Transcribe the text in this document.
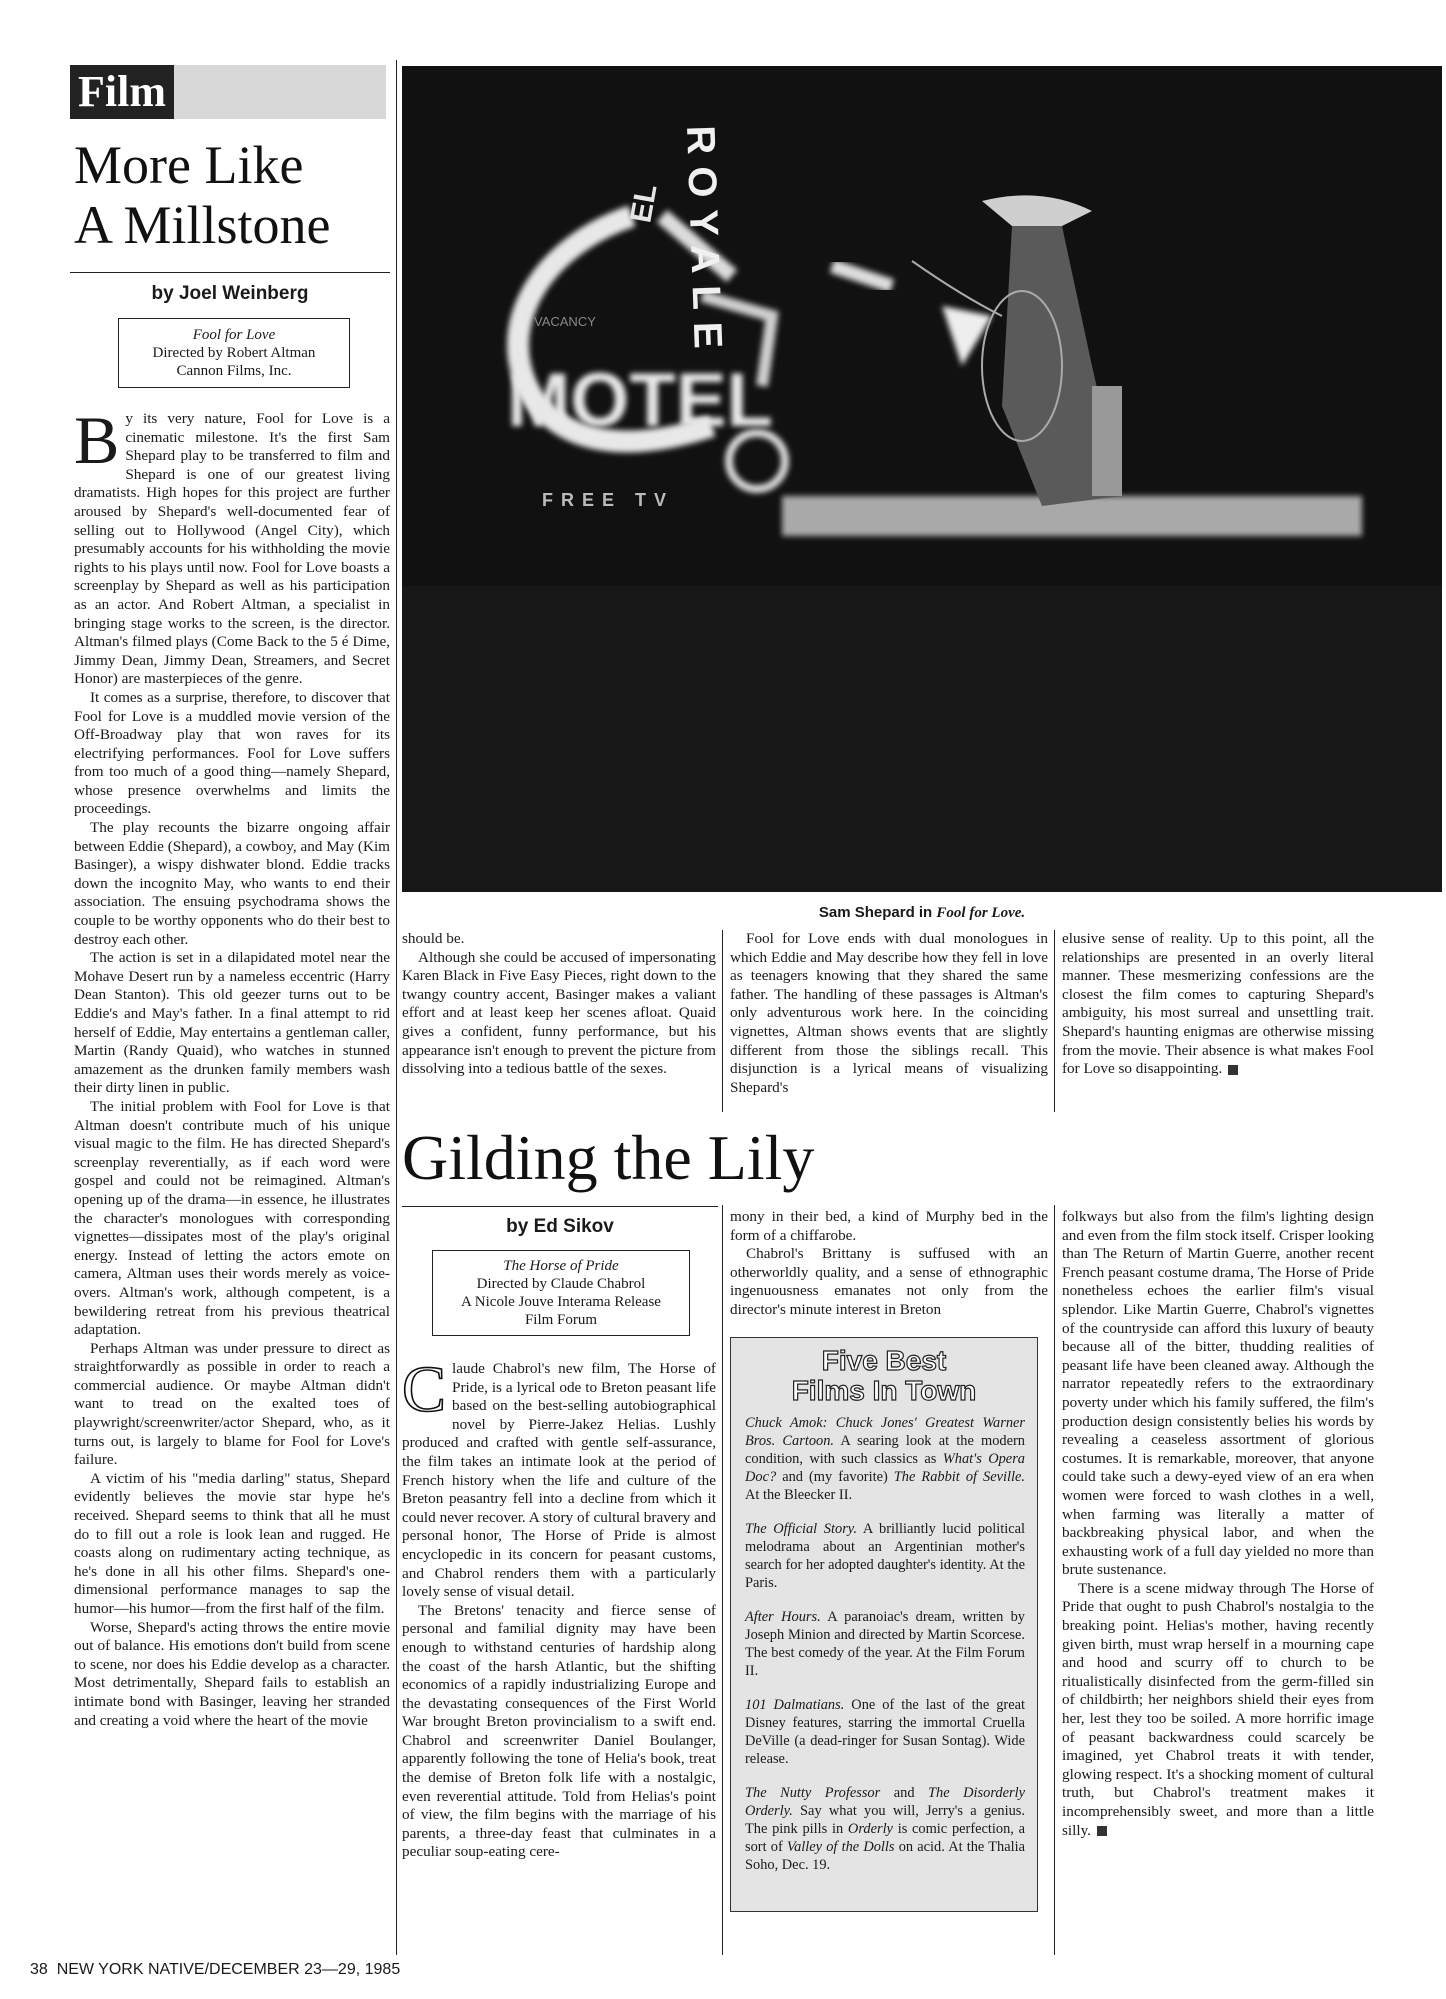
Film
More Like
A Millstone
by Joel Weinberg
Fool for Love
Directed by Robert Altman
Cannon Films, Inc.

By its very nature, Fool for Love is a cinematic milestone. It's the first Sam Shepard play to be transferred to film and Shepard is one of our greatest living dramatists. High hopes for this project are further aroused by Shepard's well-documented fear of selling out to Hollywood (Angel City), which presumably accounts for his withholding the movie rights to his plays until now. Fool for Love boasts a screenplay by Shepard as well as his participation as an actor. And Robert Altman, a specialist in bringing stage works to the screen, is the director. Altman's filmed plays (Come Back to the 5 é Dime, Jimmy Dean, Jimmy Dean, Streamers, and Secret Honor) are masterpieces of the genre.

It comes as a surprise, therefore, to discover that Fool for Love is a muddled movie version of the Off-Broadway play that won raves for its electrifying performances. Fool for Love suffers from too much of a good thing—namely Shepard, whose presence overwhelms and limits the proceedings.

The play recounts the bizarre ongoing affair between Eddie (Shepard), a cowboy, and May (Kim Basinger), a wispy dishwater blond. Eddie tracks down the incognito May, who wants to end their association. The ensuing psychodrama shows the couple to be worthy opponents who do their best to destroy each other.

The action is set in a dilapidated motel near the Mohave Desert run by a nameless eccentric (Harry Dean Stanton). This old geezer turns out to be Eddie's and May's father. In a final attempt to rid herself of Eddie, May entertains a gentleman caller, Martin (Randy Quaid), who watches in stunned amazement as the drunken family members wash their dirty linen in public.

The initial problem with Fool for Love is that Altman doesn't contribute much of his unique visual magic to the film. He has directed Shepard's screenplay reverentially, as if each word were gospel and could not be reimagined. Altman's opening up of the drama—in essence, he illustrates the character's monologues with corresponding vignettes—dissipates most of the play's original energy. Instead of letting the actors emote on camera, Altman uses their words merely as voice-overs. Altman's work, although competent, is a bewildering retreat from his previous theatrical adaptation.

Perhaps Altman was under pressure to direct as straightforwardly as possible in order to reach a commercial audience. Or maybe Altman didn't want to tread on the exalted toes of playwright/screenwriter/actor Shepard, who, as it turns out, is largely to blame for Fool for Love's failure.

A victim of his "media darling" status, Shepard evidently believes the movie star hype he's received. Shepard seems to think that all he must do to fill out a role is look lean and rugged. He coasts along on rudimentary acting technique, as he's done in all his other films. Shepard's one-dimensional performance manages to sap the humor—his humor—from the first half of the film.

Worse, Shepard's acting throws the entire movie out of balance. His emotions don't build from scene to scene, nor does his Eddie develop as a character. Most detrimentally, Shepard fails to establish an intimate bond with Basinger, leaving her stranded and creating a void where the heart of the movie

EL ROYALE
VACANCY
MOTEL
FREE TV
Sam Shepard in Fool for Love.

should be.

Although she could be accused of impersonating Karen Black in Five Easy Pieces, right down to the twangy country accent, Basinger makes a valiant effort and at least keep her scenes afloat. Quaid gives a confident, funny performance, but his appearance isn't enough to prevent the picture from dissolving into a tedious battle of the sexes.

Fool for Love ends with dual monologues in which Eddie and May describe how they fell in love as teenagers knowing that they shared the same father. The handling of these passages is Altman's only adventurous work here. In the coinciding vignettes, Altman shows events that are slightly different from those the siblings recall. This disjunction is a lyrical means of visualizing Shepard's

elusive sense of reality. Up to this point, all the relationships are presented in an overly literal manner. These mesmerizing confessions are the closest the film comes to capturing Shepard's ambiguity, his most surreal and unsettling trait. Shepard's haunting enigmas are otherwise missing from the movie. Their absence is what makes Fool for Love so disappointing.

Gilding the Lily
by Ed Sikov
The Horse of Pride
Directed by Claude Chabrol
A Nicole Jouve Interama Release
Film Forum

Claude Chabrol's new film, The Horse of Pride, is a lyrical ode to Breton peasant life based on the best-selling autobiographical novel by Pierre-Jakez Helias. Lushly produced and crafted with gentle self-assurance, the film takes an intimate look at the period of French history when the life and culture of the Breton peasantry fell into a decline from which it could never recover. A story of cultural bravery and personal honor, The Horse of Pride is almost encyclopedic in its concern for peasant customs, and Chabrol renders them with a particularly lovely sense of visual detail.

The Bretons' tenacity and fierce sense of personal and familial dignity may have been enough to withstand centuries of hardship along the coast of the harsh Atlantic, but the shifting economics of a rapidly industrializing Europe and the devastating consequences of the First World War brought Breton provincialism to a swift end. Chabrol and screenwriter Daniel Boulanger, apparently following the tone of Helia's book, treat the demise of Breton folk life with a nostalgic, even reverential attitude. Told from Helias's point of view, the film begins with the marriage of his parents, a three-day feast that culminates in a peculiar soup-eating cere-

mony in their bed, a kind of Murphy bed in the form of a chiffarobe.

Chabrol's Brittany is suffused with an otherworldly quality, and a sense of ethnographic ingenuousness emanates not only from the director's minute interest in Breton

folkways but also from the film's lighting design and even from the film stock itself. Crisper looking than The Return of Martin Guerre, another recent French peasant costume drama, The Horse of Pride nonetheless echoes the earlier film's visual splendor. Like Martin Guerre, Chabrol's vignettes of the countryside can afford this luxury of beauty because all of the bitter, thudding realities of peasant life have been cleaned away. Although the narrator repeatedly refers to the extraordinary poverty under which his family suffered, the film's production design consistently belies his words by revealing a ceaseless assortment of glorious costumes. It is remarkable, moreover, that anyone could take such a dewy-eyed view of an era when women were forced to wash clothes in a well, when farming was literally a matter of backbreaking physical labor, and when the exhausting work of a full day yielded no more than brute sustenance.

There is a scene midway through The Horse of Pride that ought to push Chabrol's nostalgia to the breaking point. Helias's mother, having recently given birth, must wrap herself in a mourning cape and hood and scurry off to church to be ritualistically disinfected from the germ-filled sin of childbirth; her neighbors shield their eyes from her, lest they too be soiled. A more horrific image of peasant backwardness could scarcely be imagined, yet Chabrol treats it with tender, glowing respect. It's a shocking moment of cultural truth, but Chabrol's treatment makes it incomprehensibly sweet, and more than a little silly.

Five Best
Films In Town

Chuck Amok: Chuck Jones' Greatest Warner Bros. Cartoon. A searing look at the modern condition, with such classics as What's Opera Doc? and (my favorite) The Rabbit of Seville. At the Bleecker II.

The Official Story. A brilliantly lucid political melodrama about an Argentinian mother's search for her adopted daughter's identity. At the Paris.

After Hours. A paranoiac's dream, written by Joseph Minion and directed by Martin Scorcese. The best comedy of the year. At the Film Forum II.

101 Dalmatians. One of the last of the great Disney features, starring the immortal Cruella DeVille (a dead-ringer for Susan Sontag). Wide release.

The Nutty Professor and The Disorderly Orderly. Say what you will, Jerry's a genius. The pink pills in Orderly is comic perfection, a sort of Valley of the Dolls on acid. At the Thalia Soho, Dec. 19.

38 NEW YORK NATIVE/DECEMBER 23—29, 1985
